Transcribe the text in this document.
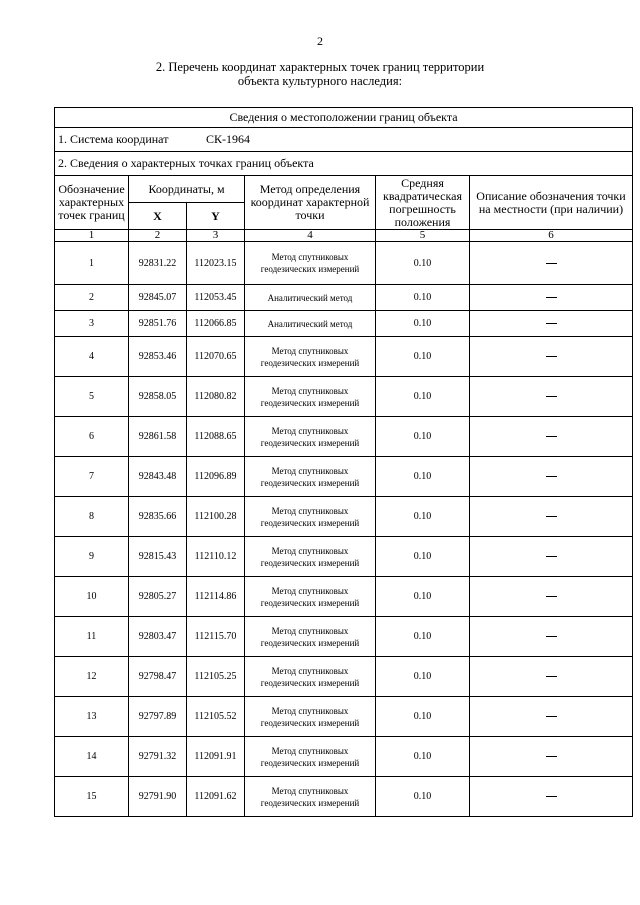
2
2. Перечень координат характерных точек границ территории
объекта культурного наследия:
Сведения о местоположении границ объекта					
1. Система координат СК-1964					
2. Сведения о характерных точках границ объекта					
Обозначение характерных точек границ	Координаты, м		Метод определения координат характерной точки	Средняя квадратическая погрешность положения	Описание обозначения точки на местности (при наличии)
	X	Y			
1	2	3	4	5	6
1	92831.22	112023.15	Метод спутниковых геодезических измерений	0.10	
2	92845.07	112053.45	Аналитический метод	0.10	
3	92851.76	112066.85	Аналитический метод	0.10	
4	92853.46	112070.65	Метод спутниковых геодезических измерений	0.10	
5	92858.05	112080.82	Метод спутниковых геодезических измерений	0.10	
6	92861.58	112088.65	Метод спутниковых геодезических измерений	0.10	
7	92843.48	112096.89	Метод спутниковых геодезических измерений	0.10	
8	92835.66	112100.28	Метод спутниковых геодезических измерений	0.10	
9	92815.43	112110.12	Метод спутниковых геодезических измерений	0.10	
10	92805.27	112114.86	Метод спутниковых геодезических измерений	0.10	
11	92803.47	112115.70	Метод спутниковых геодезических измерений	0.10	
12	92798.47	112105.25	Метод спутниковых геодезических измерений	0.10	
13	92797.89	112105.52	Метод спутниковых геодезических измерений	0.10	
14	92791.32	112091.91	Метод спутниковых геодезических измерений	0.10	
15	92791.90	112091.62	Метод спутниковых геодезических измерений	0.10	
